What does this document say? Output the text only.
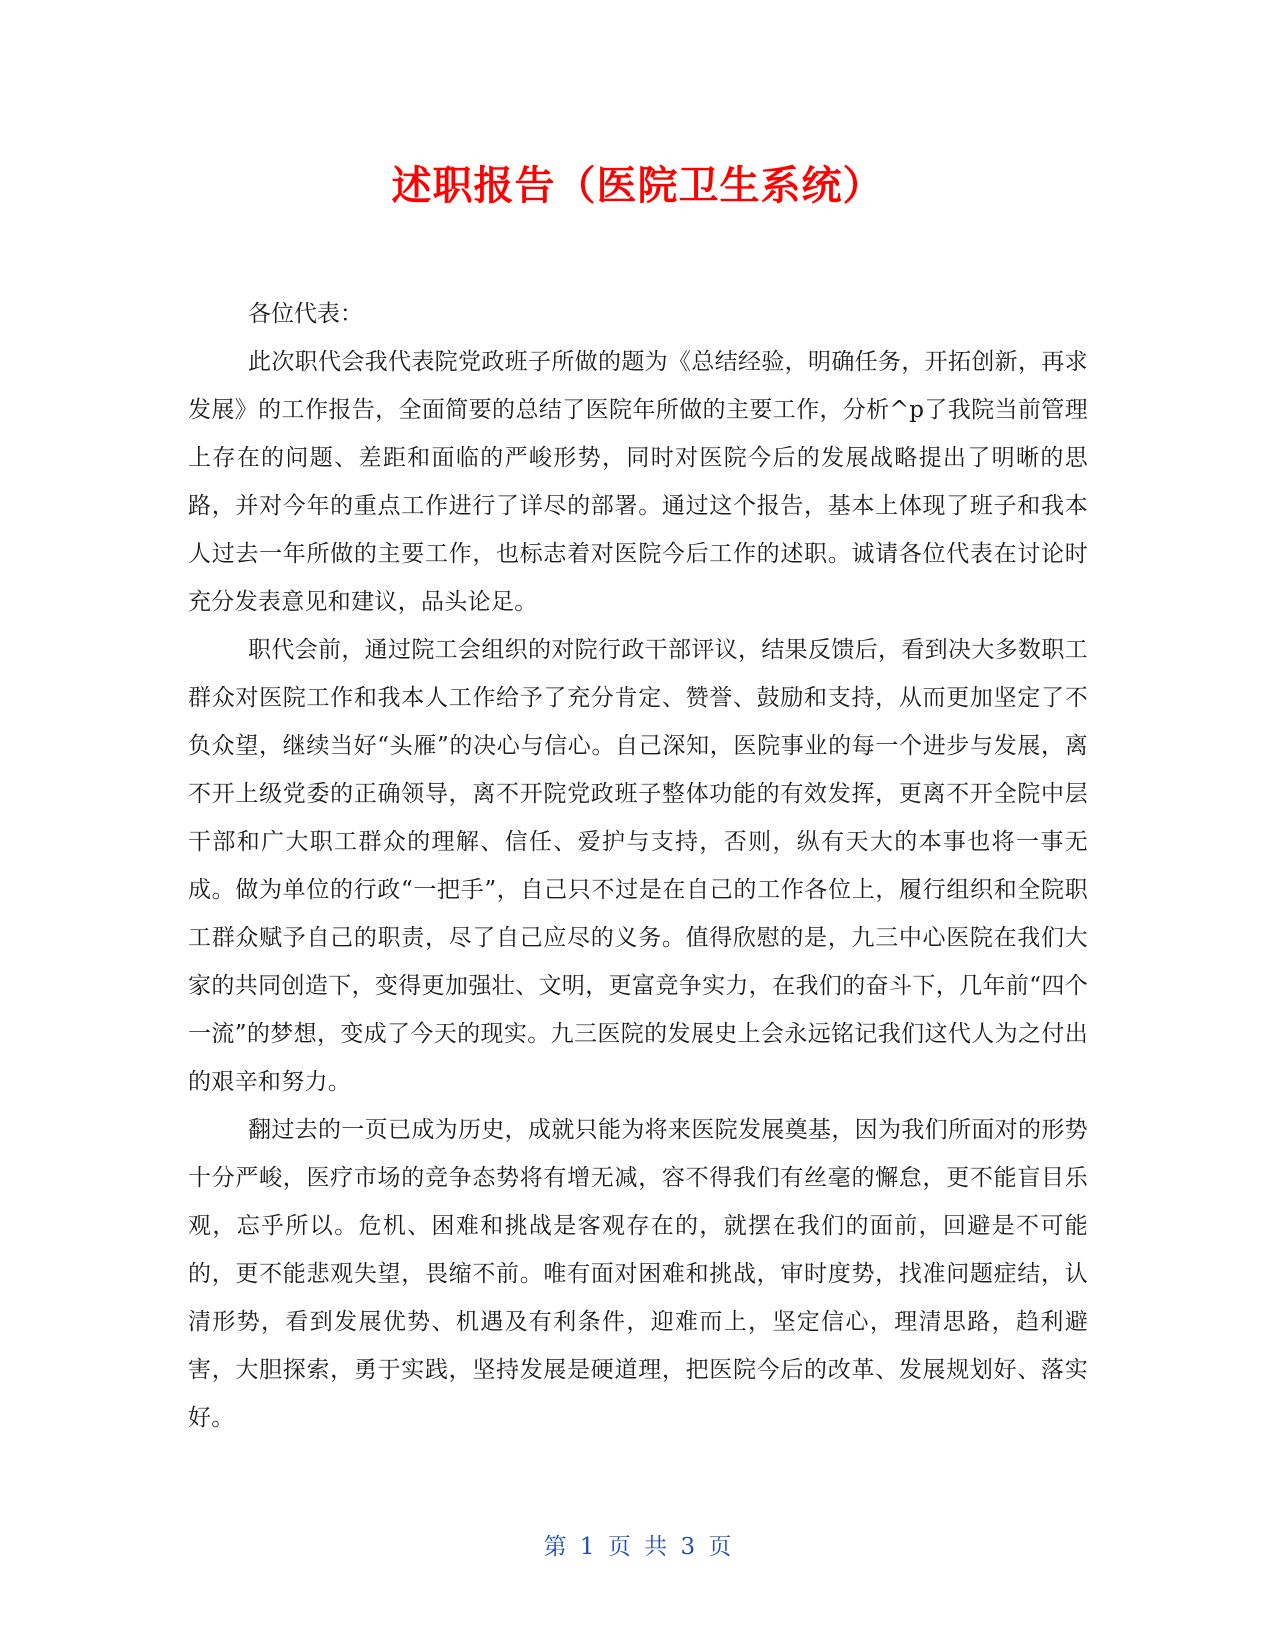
述职报告（医院卫生系统）

各位代表：

此次职代会我代表院党政班子所做的题为《总结经验，明确任务，开拓创新，再求发展》的工作报告，全面简要的总结了医院年所做的主要工作，分析^p了我院当前管理上存在的问题、差距和面临的严峻形势，同时对医院今后的发展战略提出了明晰的思路，并对今年的重点工作进行了详尽的部署。通过这个报告，基本上体现了班子和我本人过去一年所做的主要工作，也标志着对医院今后工作的述职。诚请各位代表在讨论时充分发表意见和建议，品头论足。

职代会前，通过院工会组织的对院行政干部评议，结果反馈后，看到决大多数职工群众对医院工作和我本人工作给予了充分肯定、赞誉、鼓励和支持，从而更加坚定了不负众望，继续当好“头雁”的决心与信心。自己深知，医院事业的每一个进步与发展，离不开上级党委的正确领导，离不开院党政班子整体功能的有效发挥，更离不开全院中层干部和广大职工群众的理解、信任、爱护与支持，否则，纵有天大的本事也将一事无成。做为单位的行政“一把手”，自己只不过是在自己的工作各位上，履行组织和全院职工群众赋予自己的职责，尽了自己应尽的义务。值得欣慰的是，九三中心医院在我们大家的共同创造下，变得更加强壮、文明，更富竞争实力，在我们的奋斗下，几年前“四个一流”的梦想，变成了今天的现实。九三医院的发展史上会永远铭记我们这代人为之付出的艰辛和努力。

翻过去的一页已成为历史，成就只能为将来医院发展奠基，因为我们所面对的形势十分严峻，医疗市场的竞争态势将有增无减，容不得我们有丝毫的懈怠，更不能盲目乐观，忘乎所以。危机、困难和挑战是客观存在的，就摆在我们的面前，回避是不可能的，更不能悲观失望，畏缩不前。唯有面对困难和挑战，审时度势，找准问题症结，认清形势，看到发展优势、机遇及有利条件，迎难而上，坚定信心，理清思路，趋利避害，大胆探索，勇于实践，坚持发展是硬道理，把医院今后的改革、发展规划好、落实好。

第 1 页 共 3 页
